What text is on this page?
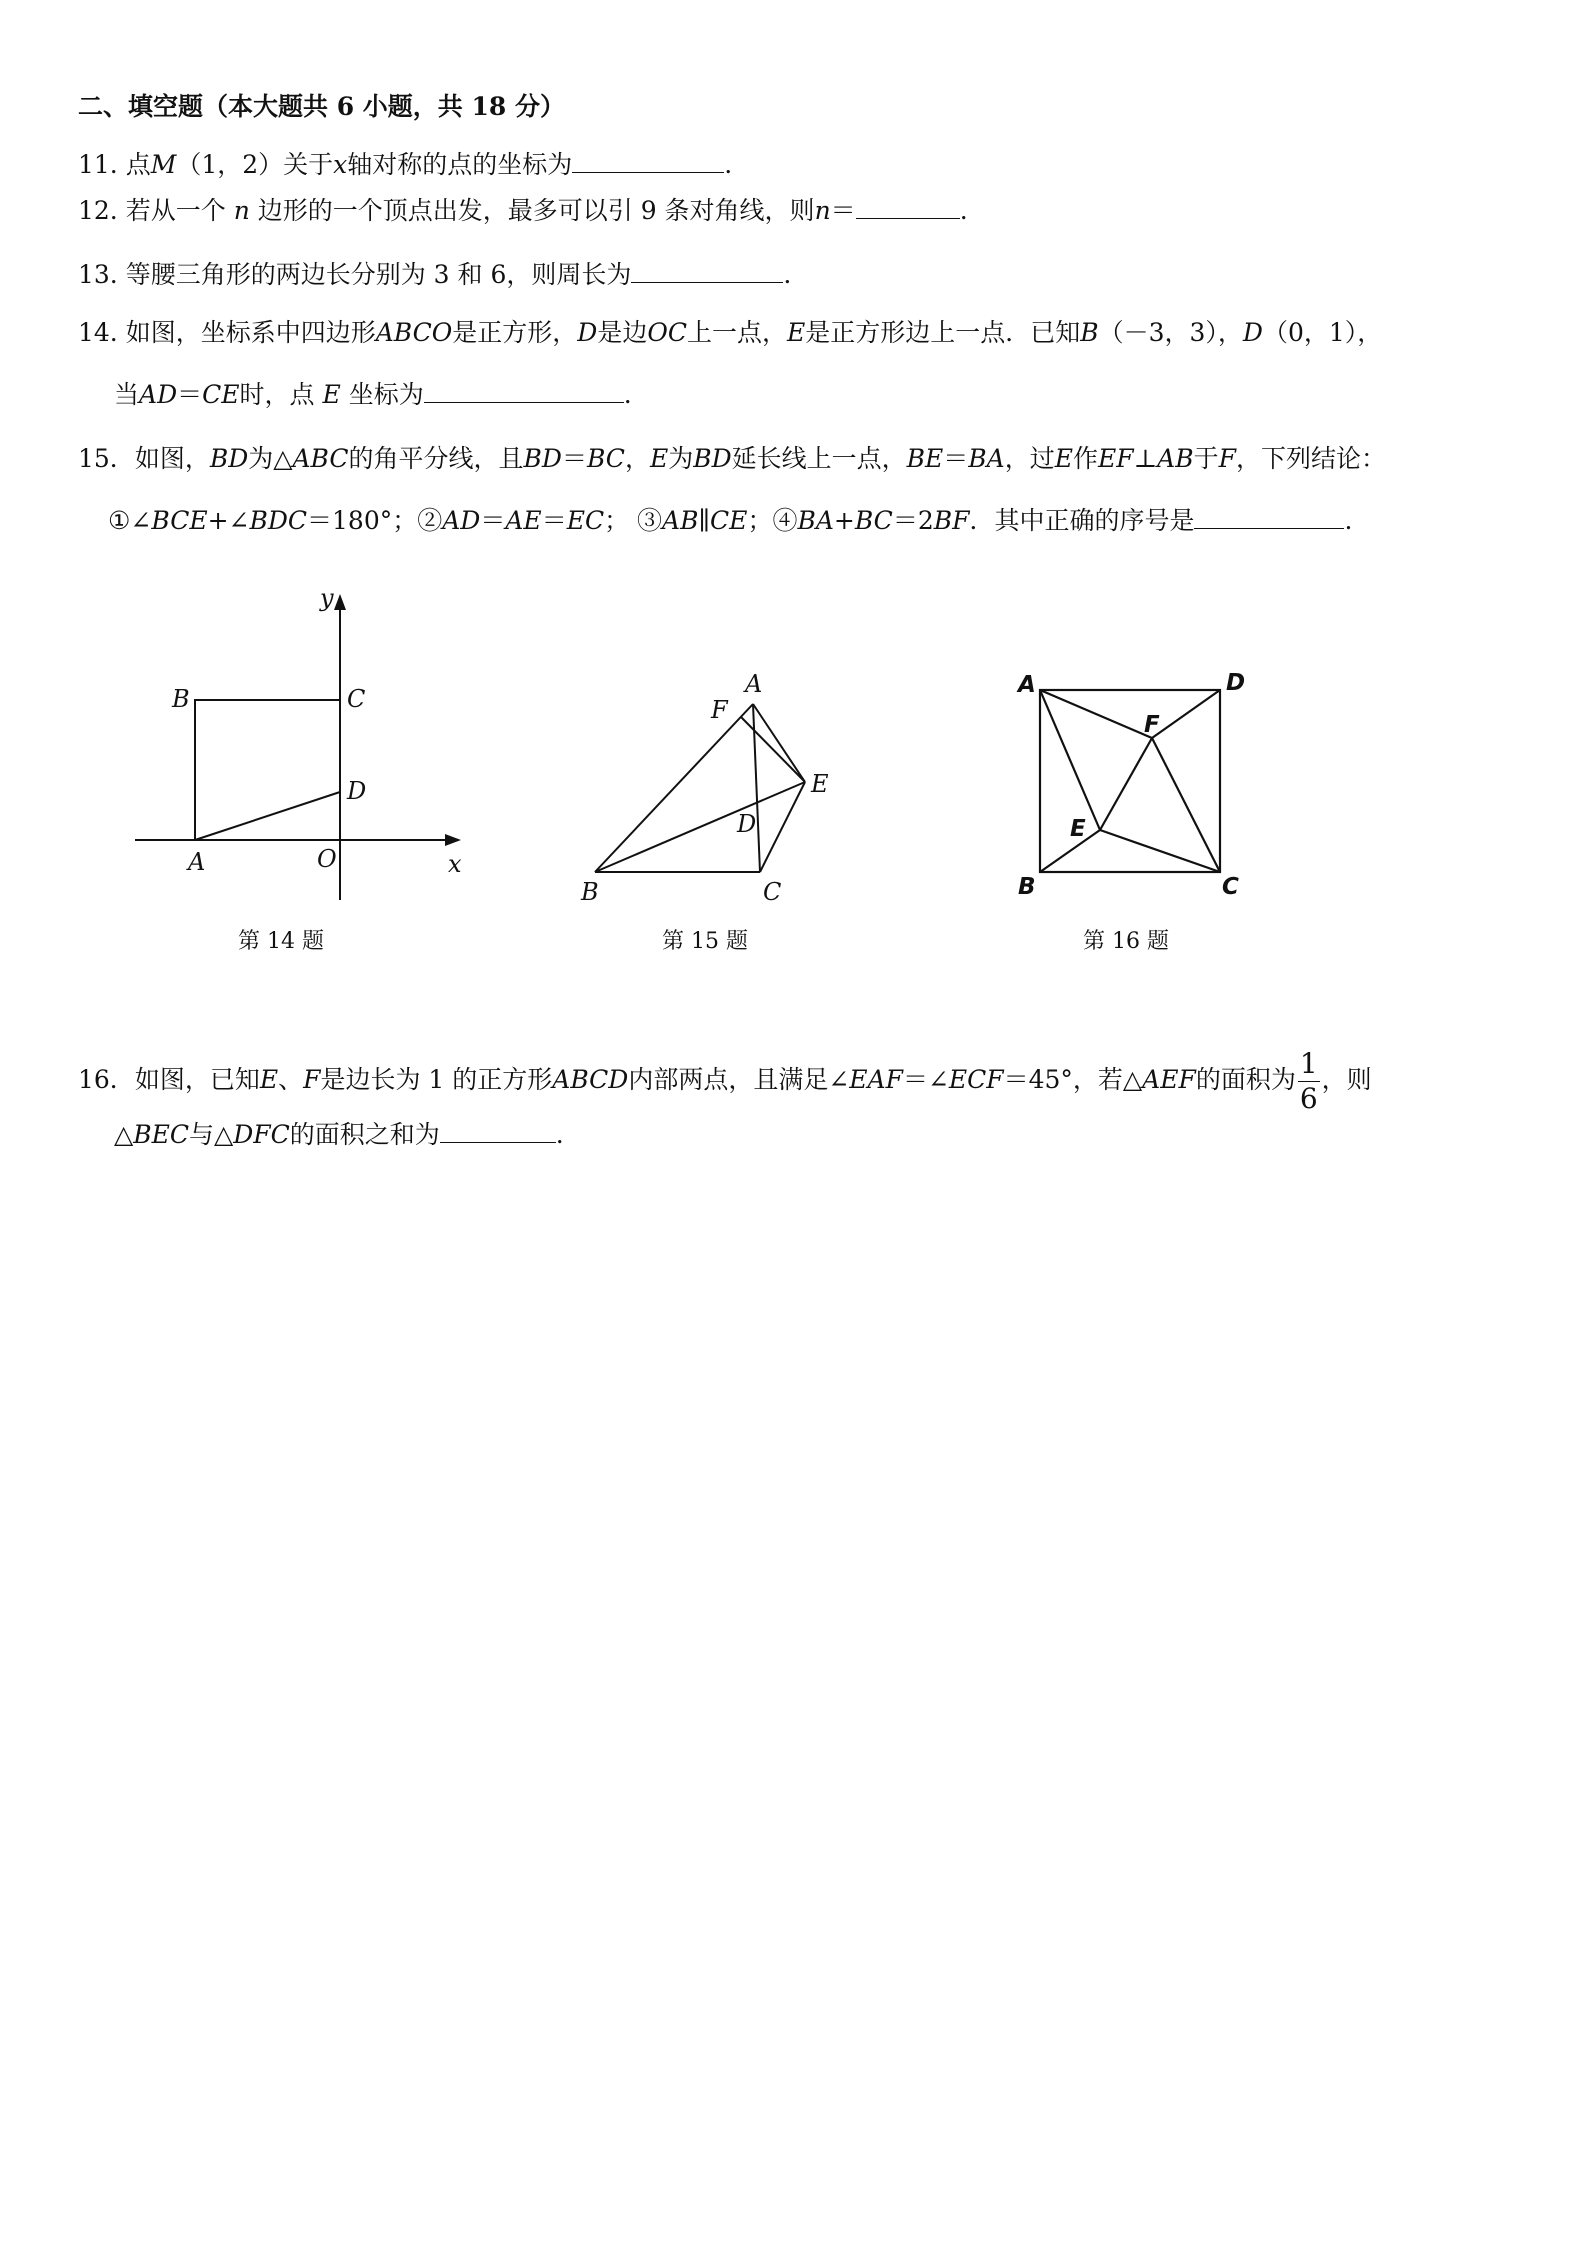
二、填空题（本大题共 6 小题，共 18 分）
11. 点M（1，2）关于x轴对称的点的坐标为	.
12. 若从一个 n 边形的一个顶点出发，最多可以引 9 条对角线，则n＝	.
13. 等腰三角形的两边长分别为 3 和 6，则周长为	.
14. 如图，坐标系中四边形ABCO是正方形，D是边OC上一点，E是正方形边上一点．已知B（－3，3），D（0，1），
当AD＝CE时，点 E 坐标为	.
15．如图，BD为△ABC的角平分线，且BD＝BC，E为BD延长线上一点，BE＝BA，过E作EF⊥AB于F，下列结论：
①∠BCE+∠BDC＝180°；②AD＝AE＝EC； ③AB∥CE；④BA+BC＝2BF．其中正确的序号是	.
y
x
B	C
D
A	O
第 14 题
A
F
E
D
B	C
第 15 题
A	D
F
E
B	C
第 16 题
16．如图，已知E、F是边长为 1 的正方形ABCD内部两点，且满足∠EAF＝∠ECF＝45°，若△AEF的面积为 $\frac{1}{6}$ ，则
△BEC与△DFC的面积之和为	.
